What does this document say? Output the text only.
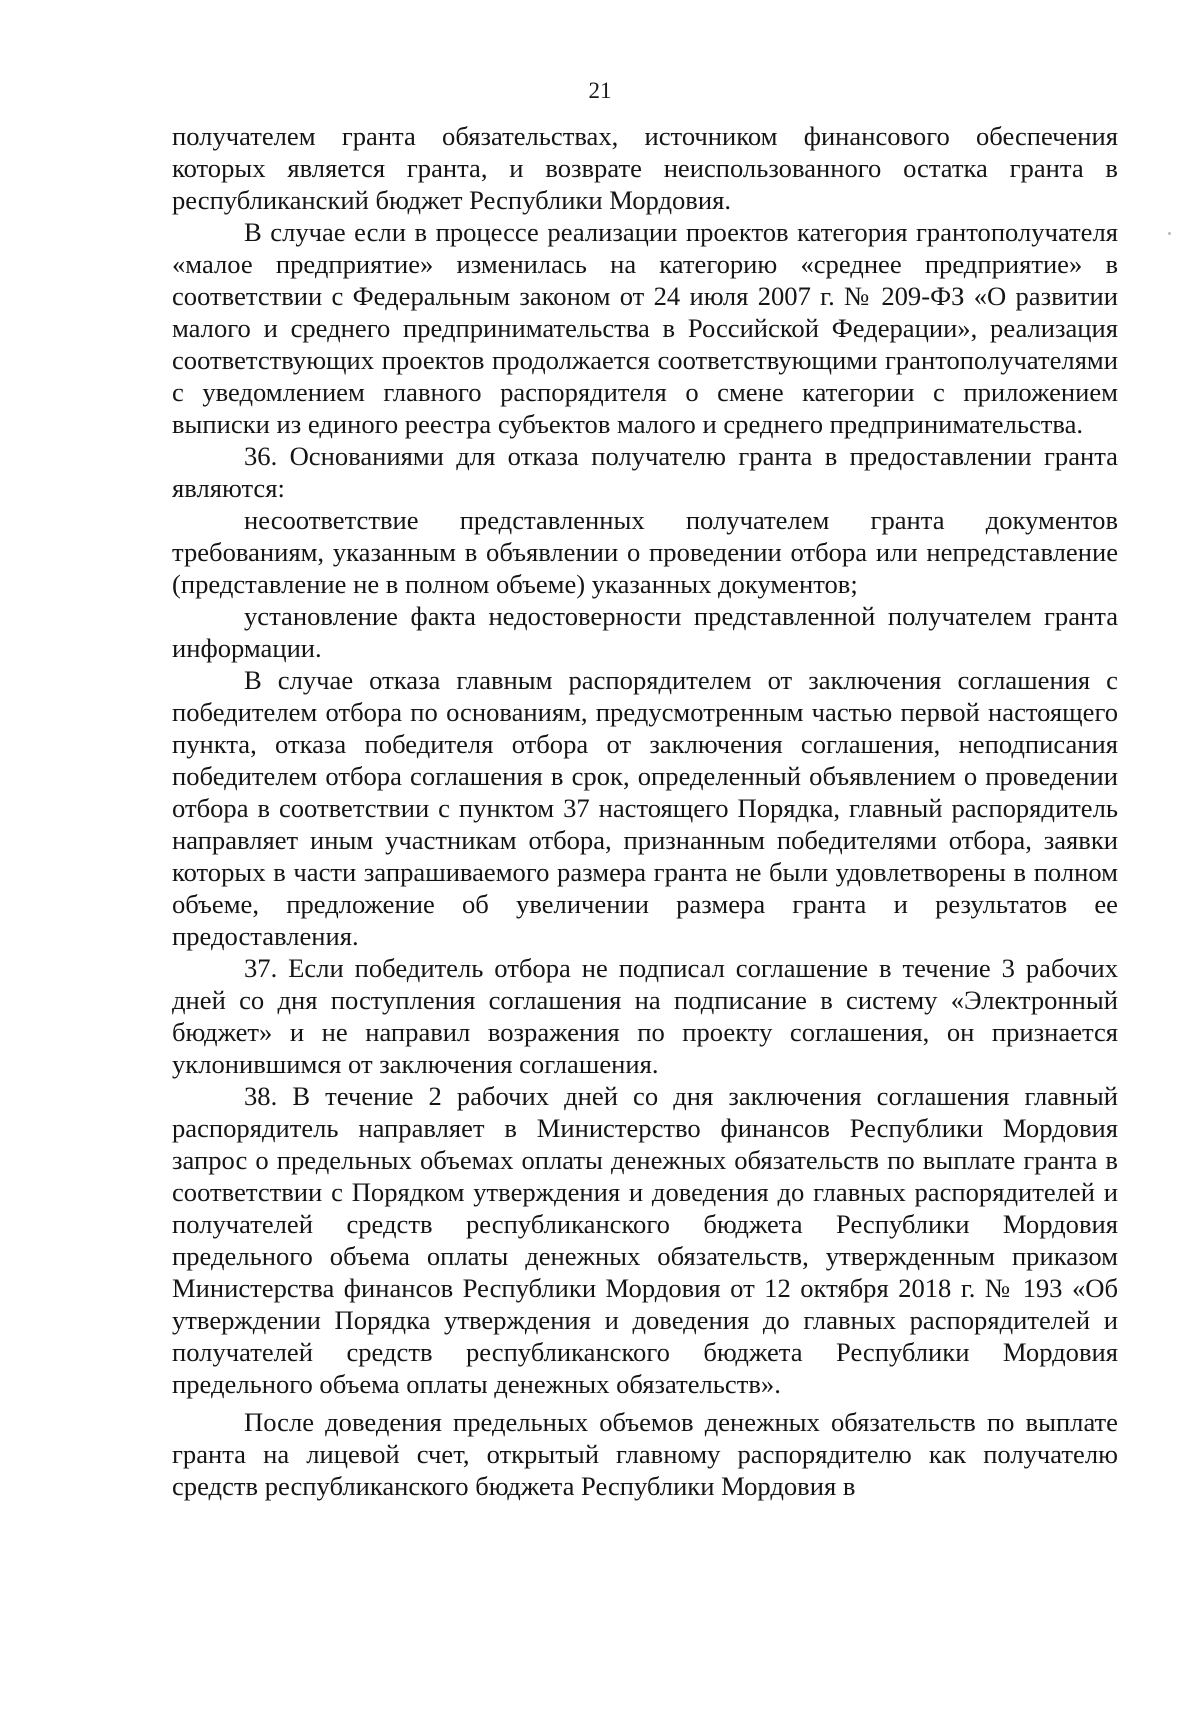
21

получателем гранта обязательствах, источником финансового обеспечения которых является гранта, и возврате неиспользованного остатка гранта в республиканский бюджет Республики Мордовия.

В случае если в процессе реализации проектов категория грантополучателя «малое предприятие» изменилась на категорию «среднее предприятие» в соответствии с Федеральным законом от 24 июля 2007 г. № 209-ФЗ «О развитии малого и среднего предпринимательства в Российской Федерации», реализация соответствующих проектов продолжается соответствующими грантополучателями с уведомлением главного распорядителя о смене категории с приложением выписки из единого реестра субъектов малого и среднего предпринимательства.

36. Основаниями для отказа получателю гранта в предоставлении гранта являются:

несоответствие представленных получателем гранта документов требованиям, указанным в объявлении о проведении отбора или непредставление (представление не в полном объеме) указанных документов;

установление факта недостоверности представленной получателем гранта информации.

В случае отказа главным распорядителем от заключения соглашения с победителем отбора по основаниям, предусмотренным частью первой настоящего пункта, отказа победителя отбора от заключения соглашения, неподписания победителем отбора соглашения в срок, определенный объявлением о проведении отбора в соответствии с пунктом 37 настоящего Порядка, главный распорядитель направляет иным участникам отбора, признанным победителями отбора, заявки которых в части запрашиваемого размера гранта не были удовлетворены в полном объеме, предложение об увеличении размера гранта и результатов ее предоставления.

37. Если победитель отбора не подписал соглашение в течение 3 рабочих дней со дня поступления соглашения на подписание в систему «Электронный бюджет» и не направил возражения по проекту соглашения, он признается уклонившимся от заключения соглашения.

38. В течение 2 рабочих дней со дня заключения соглашения главный распорядитель направляет в Министерство финансов Республики Мордовия запрос о предельных объемах оплаты денежных обязательств по выплате гранта в соответствии с Порядком утверждения и доведения до главных распорядителей и получателей средств республиканского бюджета Республики Мордовия предельного объема оплаты денежных обязательств, утвержденным приказом Министерства финансов Республики Мордовия от 12 октября 2018 г. № 193 «Об утверждении Порядка утверждения и доведения до главных распорядителей и получателей средств республиканского бюджета Республики Мордовия предельного объема оплаты денежных обязательств».

После доведения предельных объемов денежных обязательств по выплате гранта на лицевой счет, открытый главному распорядителю как получателю средств республиканского бюджета Республики Мордовия в
